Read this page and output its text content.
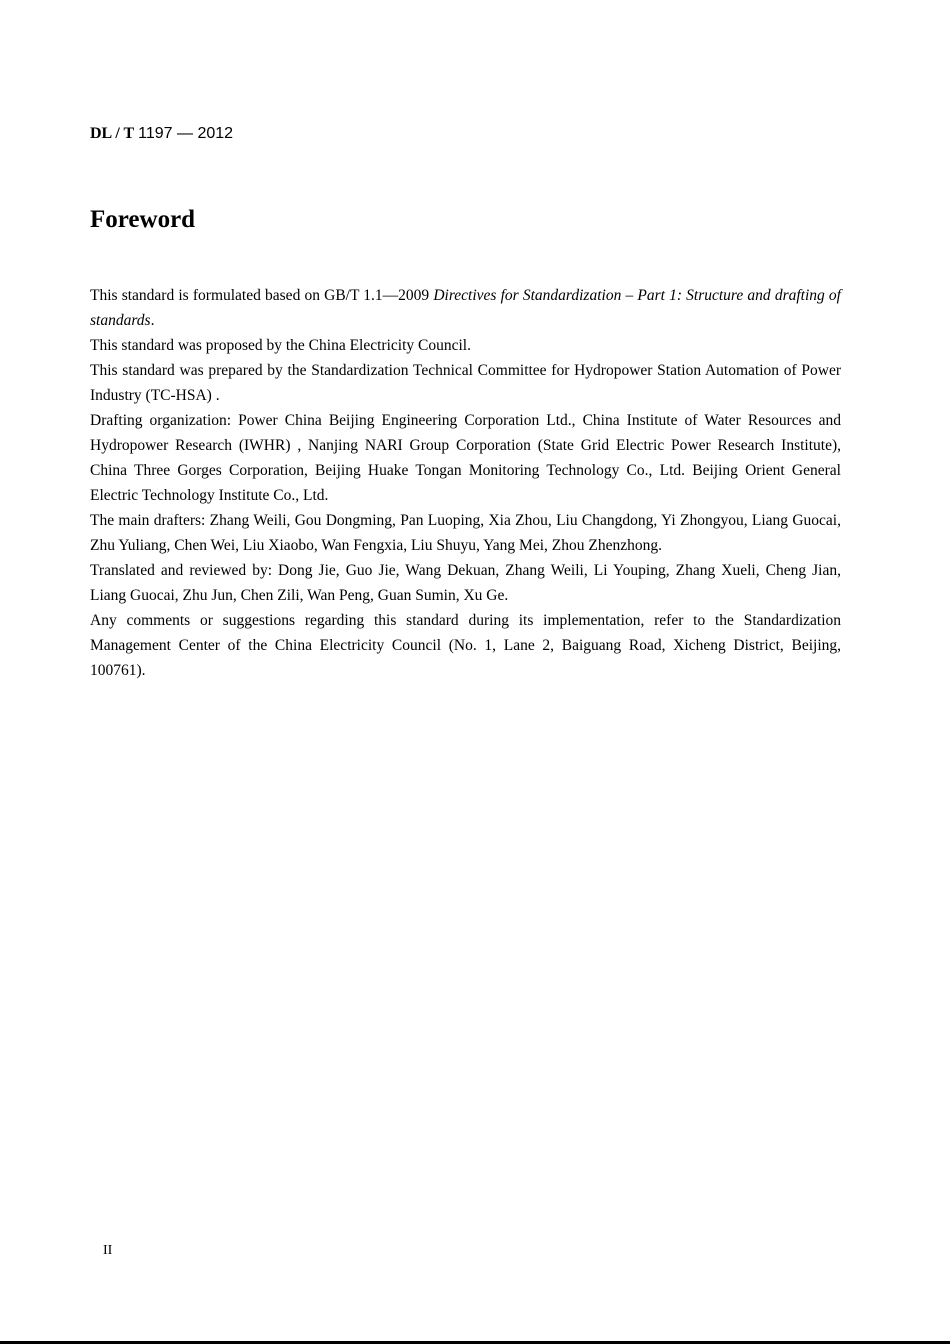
DL / T 1197 — 2012
Foreword

This standard is formulated based on GB/T 1.1—2009 Directives for Standardization – Part 1: Structure and drafting of standards.

This standard was proposed by the China Electricity Council.

This standard was prepared by the Standardization Technical Committee for Hydropower Station Automation of Power Industry (TC-HSA) .

Drafting organization: Power China Beijing Engineering Corporation Ltd., China Institute of Water Resources and Hydropower Research (IWHR) , Nanjing NARI Group Corporation (State Grid Electric Power Research Institute), China Three Gorges Corporation, Beijing Huake Tongan Monitoring Technology Co., Ltd. Beijing Orient General Electric Technology Institute Co., Ltd.

The main drafters: Zhang Weili, Gou Dongming, Pan Luoping, Xia Zhou, Liu Changdong, Yi Zhongyou, Liang Guocai, Zhu Yuliang, Chen Wei, Liu Xiaobo, Wan Fengxia, Liu Shuyu, Yang Mei, Zhou Zhenzhong.

Translated and reviewed by: Dong Jie, Guo Jie, Wang Dekuan, Zhang Weili, Li Youping, Zhang Xueli, Cheng Jian, Liang Guocai, Zhu Jun, Chen Zili, Wan Peng, Guan Sumin, Xu Ge.

Any comments or suggestions regarding this standard during its implementation, refer to the Standardization Management Center of the China Electricity Council (No. 1, Lane 2, Baiguang Road, Xicheng District, Beijing, 100761).

II
